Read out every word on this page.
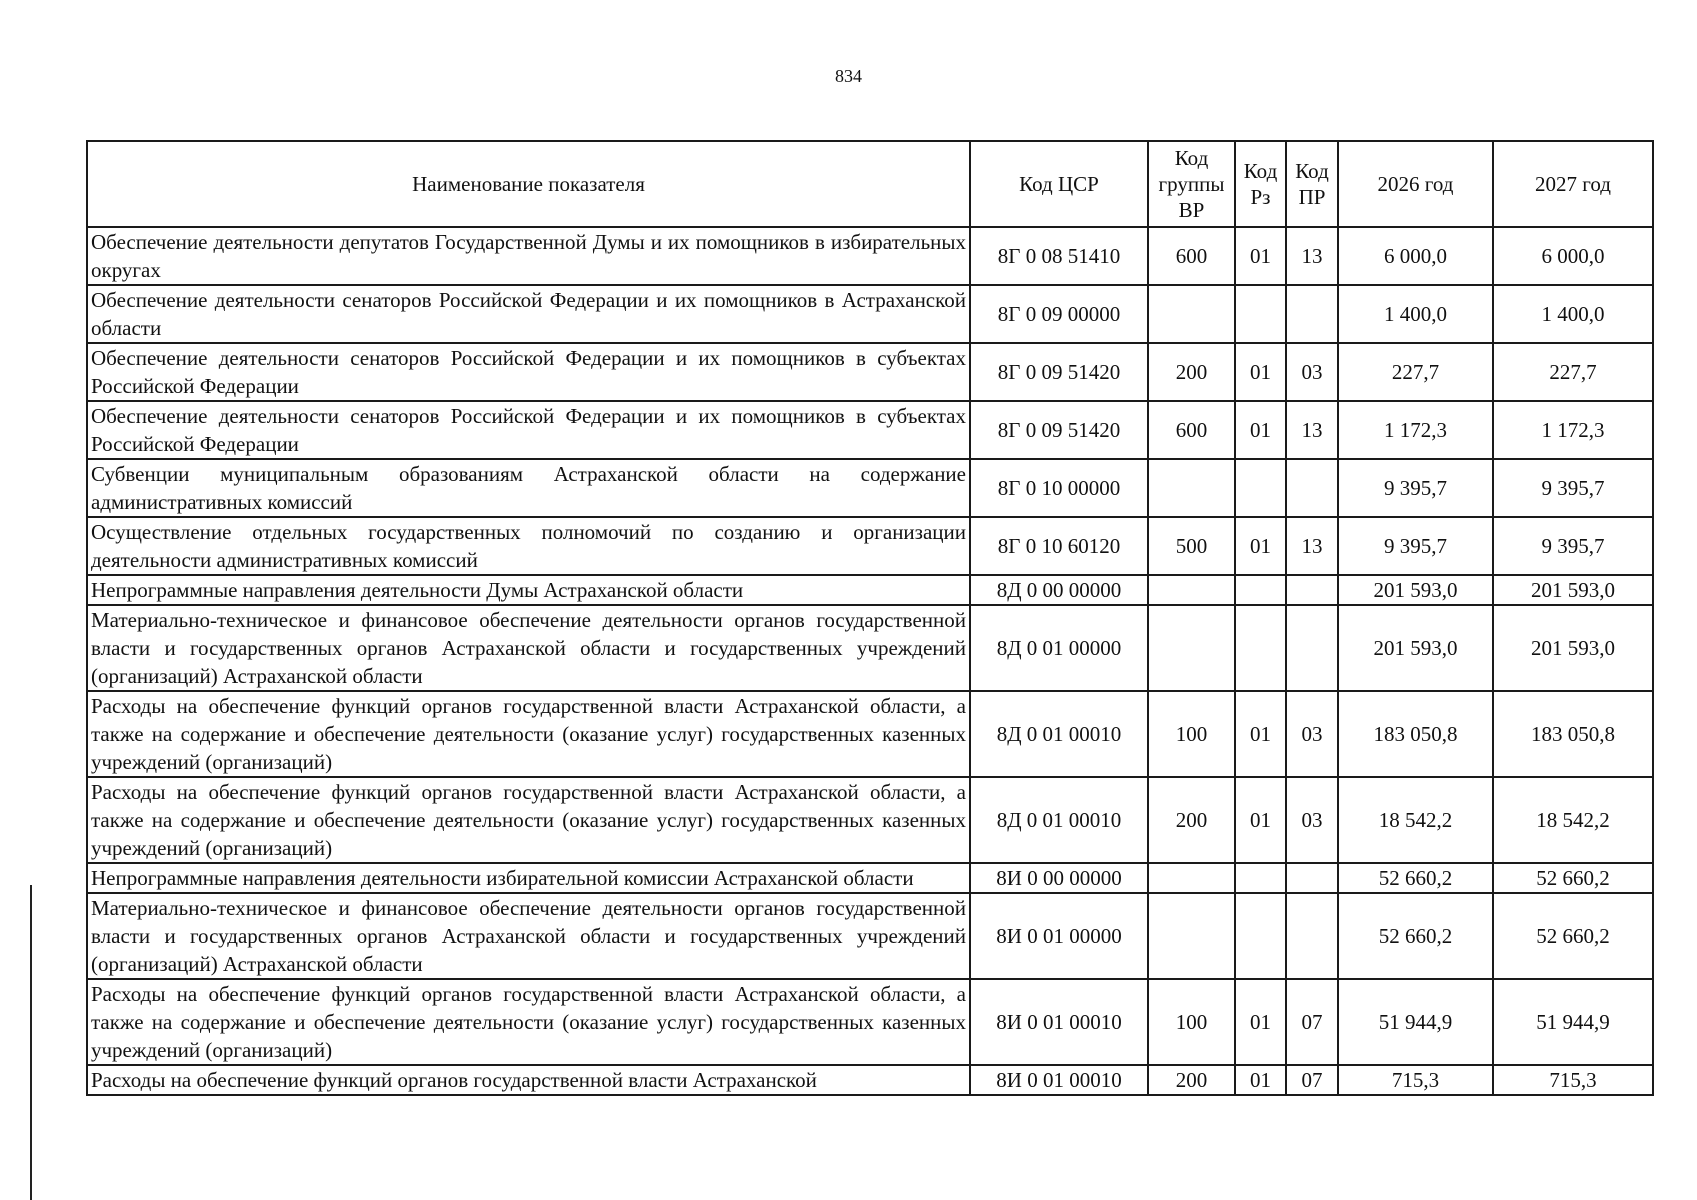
834
Наименование показателя	Код ЦСР	Код группы ВР	Код Рз	Код ПР	2026 год	2027 год
Обеспечение деятельности депутатов Государственной Думы и их помощников в избирательных округах	8Г 0 08 51410	600	01	13	6 000,0	6 000,0
Обеспечение деятельности сенаторов Российской Федерации и их помощников в Астраханской области	8Г 0 09 00000				1 400,0	1 400,0
Обеспечение деятельности сенаторов Российской Федерации и их помощников в субъектах Российской Федерации	8Г 0 09 51420	200	01	03	227,7	227,7
Обеспечение деятельности сенаторов Российской Федерации и их помощников в субъектах Российской Федерации	8Г 0 09 51420	600	01	13	1 172,3	1 172,3
Субвенции муниципальным образованиям Астраханской области на содержание административных комиссий	8Г 0 10 00000				9 395,7	9 395,7
Осуществление отдельных государственных полномочий по созданию и организации деятельности административных комиссий	8Г 0 10 60120	500	01	13	9 395,7	9 395,7
Непрограммные направления деятельности Думы Астраханской области	8Д 0 00 00000				201 593,0	201 593,0
Материально-техническое и финансовое обеспечение деятельности органов государственной власти и государственных органов Астраханской области и государственных учреждений (организаций) Астраханской области	8Д 0 01 00000				201 593,0	201 593,0
Расходы на обеспечение функций органов государственной власти Астраханской области, а также на содержание и обеспечение деятельности (оказание услуг) государственных казенных учреждений (организаций)	8Д 0 01 00010	100	01	03	183 050,8	183 050,8
Расходы на обеспечение функций органов государственной власти Астраханской области, а также на содержание и обеспечение деятельности (оказание услуг) государственных казенных учреждений (организаций)	8Д 0 01 00010	200	01	03	18 542,2	18 542,2
Непрограммные направления деятельности избирательной комиссии Астраханской области	8И 0 00 00000				52 660,2	52 660,2
Материально-техническое и финансовое обеспечение деятельности органов государственной власти и государственных органов Астраханской области и государственных учреждений (организаций) Астраханской области	8И 0 01 00000				52 660,2	52 660,2
Расходы на обеспечение функций органов государственной власти Астраханской области, а также на содержание и обеспечение деятельности (оказание услуг) государственных казенных учреждений (организаций)	8И 0 01 00010	100	01	07	51 944,9	51 944,9
Расходы на обеспечение функций органов государственной власти Астраханской	8И 0 01 00010	200	01	07	715,3	715,3
